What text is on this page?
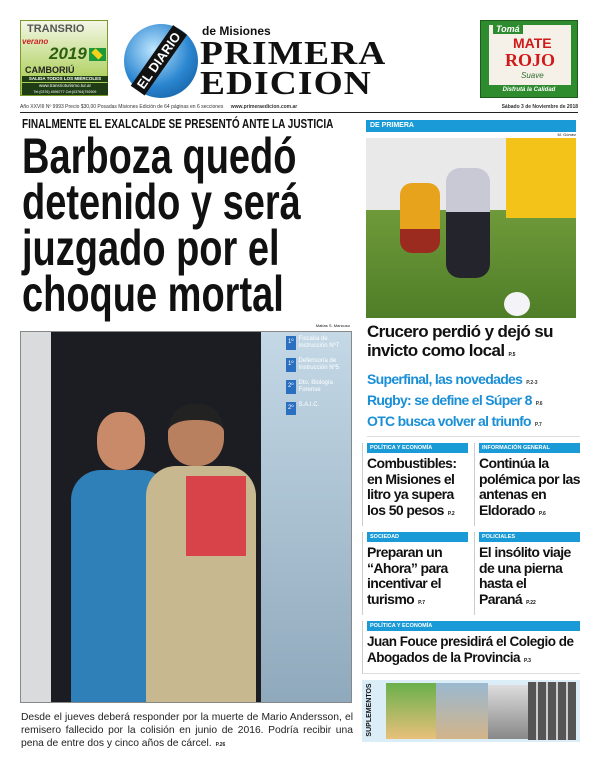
TRANSRIO
verano
2019
CAMBORIÚ
SALIDA TODOS LOS MIÉRCOLES
www.transrioturismo.tur.ar
Tel:(0376) 4596777 Cel:(03764)792909
EL DIARIO de Misiones
PRIMERA
EDICION
Tomá
MATE
ROJO
Suave
Disfrutá la Calidad
Año XXVIII Nº 9993 Precio $30,00 Posadas Misiones Edición de 64 páginas en 6 secciones www.primeraedicion.com.ar	Sábado 3 de Noviembre de 2018
FINALMENTE EL EXALCALDE SE PRESENTÓ ANTE LA JUSTICIA
Barboza quedó
detenido y será
juzgado por el
choque mortal
Matías S. Mancuso
1º Fiscalía de Instrucción Nº7
1º Defensoría de Instrucción Nº5
2º Dto. Biología Forense
2º S.A.I.C.
Desde el jueves deberá responder por la muerte de Mario Andersson, el remisero fallecido por la colisión en junio de 2016. Podría recibir una pena de entre dos y cinco años de cárcel. P.26
DE PRIMERA
M. Gómez
Crucero perdió y dejó su invicto como local P.5
Superfinal, las novedades P.2-3
Rugby: se define el Súper 8 P.6
OTC busca volver al triunfo P.7
POLÍTICA Y ECONOMÍA
Combustibles: en Misiones el litro ya supera los 50 pesos P.2
INFORMACIÓN GENERAL
Continúa la polémica por las antenas en Eldorado P.6
SOCIEDAD
Preparan un “Ahora” para incentivar el turismo P.7
POLICIALES
El insólito viaje de una pierna hasta el Paraná P.22
POLÍTICA Y ECONOMÍA
Juan Fouce presidirá el Colegio de Abogados de la Provincia P.3
SUPLEMENTOS
